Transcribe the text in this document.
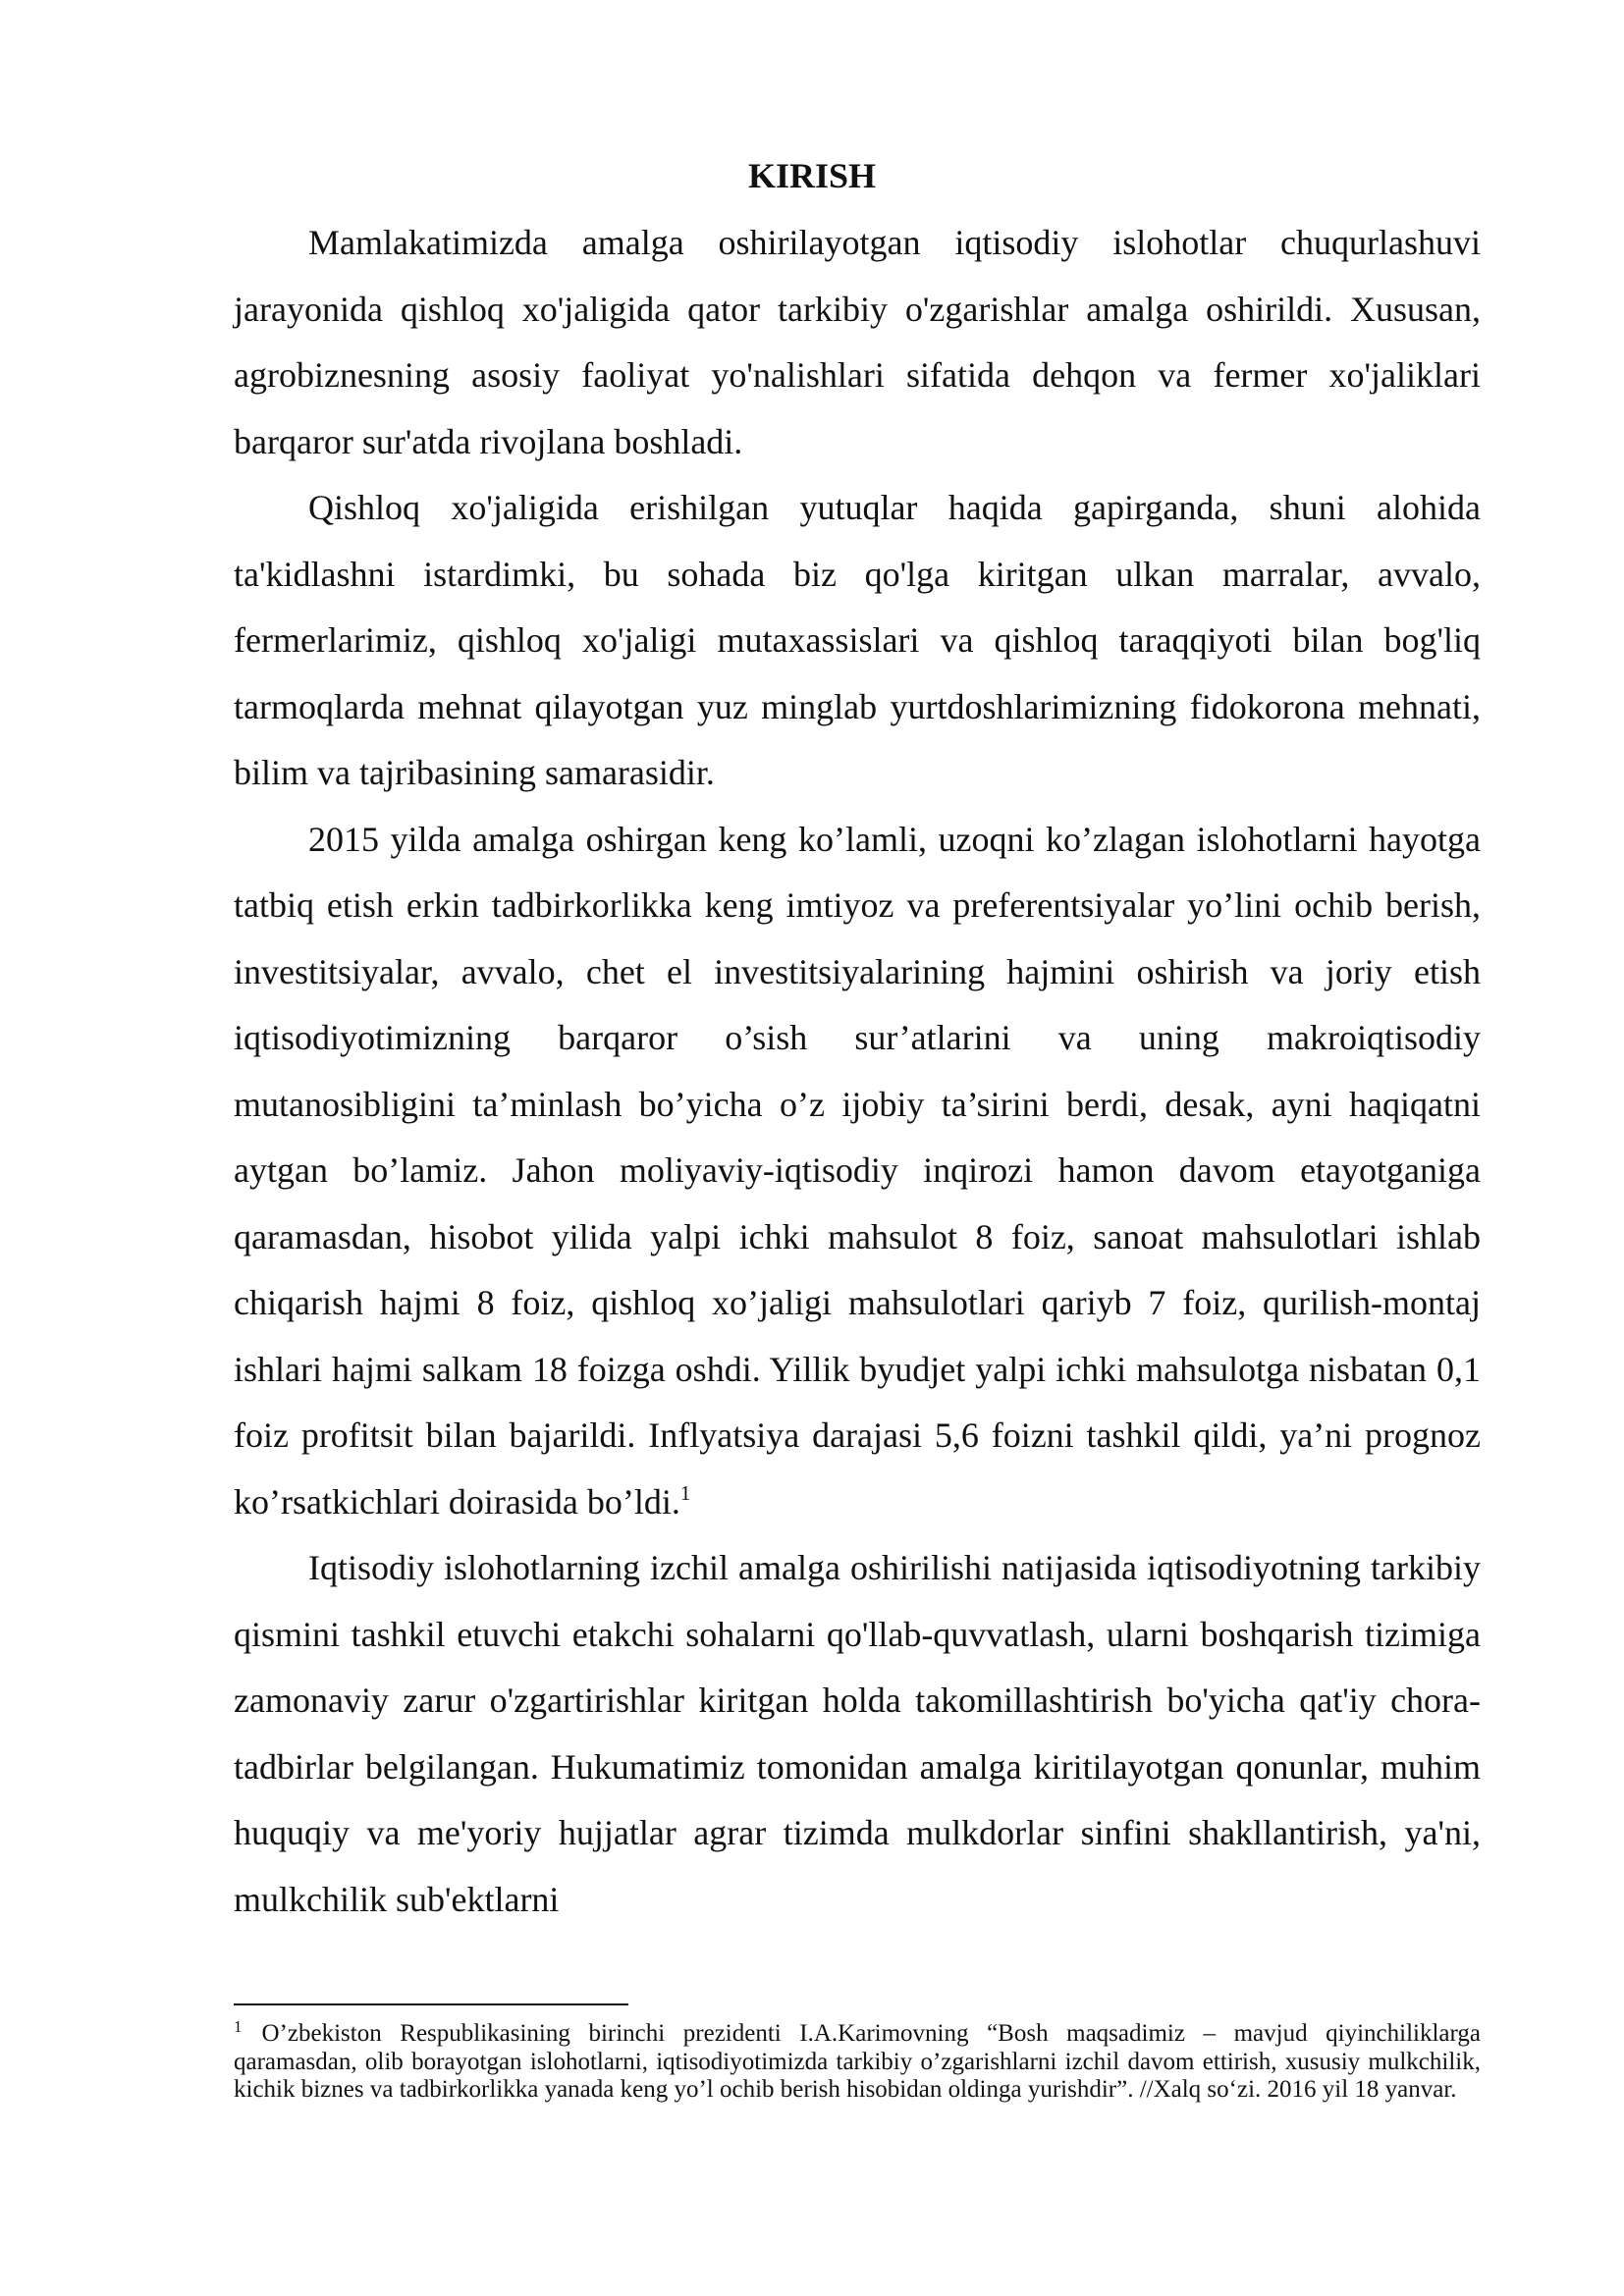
KIRISH

Mamlakatimizda amalga oshirilayotgan iqtisodiy islohotlar chuqurlashuvi jarayonida qishloq xo'jaligida qator tarkibiy o'zgarishlar amalga oshirildi. Xususan, agrobiznesning asosiy faoliyat yo'nalishlari sifatida dehqon va fermer xo'jaliklari barqaror sur'atda rivojlana boshladi.

Qishloq xo'jaligida erishilgan yutuqlar haqida gapirganda, shuni alohida ta'kidlashni istardimki, bu sohada biz qo'lga kiritgan ulkan marralar, avvalo, fermerlarimiz, qishloq xo'jaligi mutaxassislari va qishloq taraqqiyoti bilan bog'liq tarmoqlarda mehnat qilayotgan yuz minglab yurtdoshlarimizning fidokorona mehnati, bilim va tajribasining samarasidir.

2015 yilda amalga oshirgan keng ko’lamli, uzoqni ko’zlagan islohotlarni hayotga tatbiq etish erkin tadbirkorlikka keng imtiyoz va preferentsiyalar yo’lini ochib berish, investitsiyalar, avvalo, chet el investitsiyalarining hajmini oshirish va joriy etish iqtisodiyotimizning barqaror o’sish sur’atlarini va uning makroiqtisodiy mutanosibligini ta’minlash bo’yicha o’z ijobiy ta’sirini berdi, desak, ayni haqiqatni aytgan bo’lamiz. Jahon moliyaviy-iqtisodiy inqirozi hamon davom etayotganiga qaramasdan, hisobot yilida yalpi ichki mahsulot 8 foiz, sanoat mahsulotlari ishlab chiqarish hajmi 8 foiz, qishloq xo’jaligi mahsulotlari qariyb 7 foiz, qurilish-montaj ishlari hajmi salkam 18 foizga oshdi. Yillik byudjet yalpi ichki mahsulotga nisbatan 0,1 foiz profitsit bilan bajarildi. Inflyatsiya darajasi 5,6 foizni tashkil qildi, ya’ni prognoz ko’rsatkichlari doirasida bo’ldi.$^1$

Iqtisodiy islohotlarning izchil amalga oshirilishi natijasida iqtisodiyotning tarkibiy qismini tashkil etuvchi etakchi sohalarni qo'llab-quvvatlash, ularni boshqarish tizimiga zamonaviy zarur o'zgartirishlar kiritgan holda takomillashtirish bo'yicha qat'iy chora-tadbirlar belgilangan. Hukumatimiz tomonidan amalga kiritilayotgan qonunlar, muhim huquqiy va me'yoriy hujjatlar agrar tizimda mulkdorlar sinfini shakllantirish, ya'ni, mulkchilik sub'ektlarni

$^1$ O’zbekiston Respublikasining birinchi prezidenti I.A.Karimovning “Bosh maqsadimiz – mavjud qiyinchiliklarga qaramasdan, olib borayotgan islohotlarni, iqtisodiyotimizda tarkibiy o’zgarishlarni izchil davom ettirish, xususiy mulkchilik, kichik biznes va tadbirkorlikka yanada keng yo’l ochib berish hisobidan oldinga yurishdir”. //Xalq so‘zi. 2016 yil 18 yanvar.
